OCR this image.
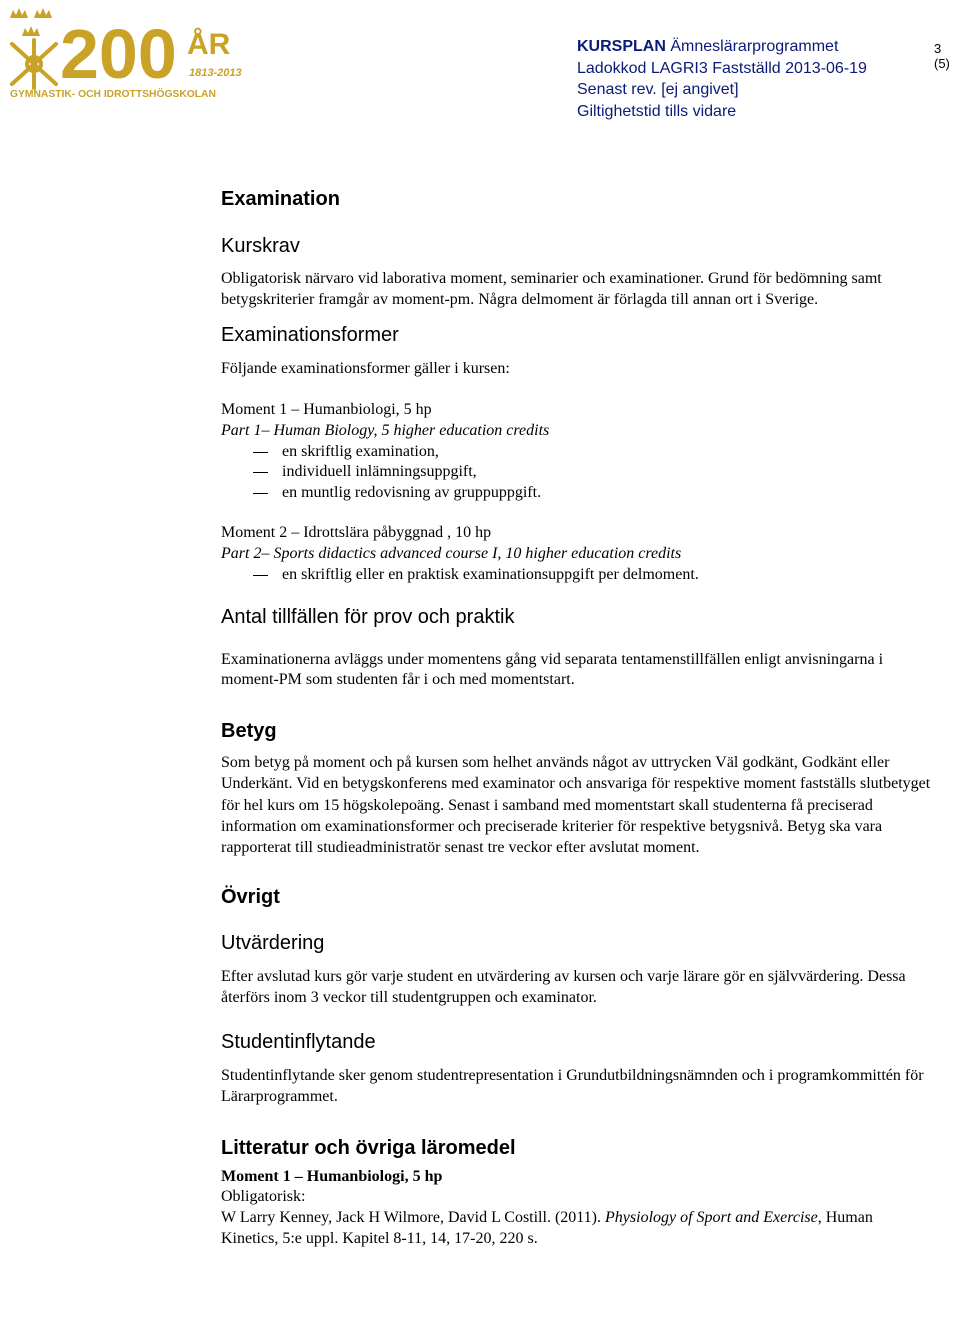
200 ÅR
1813-2013
GYMNASTIK- OCH IDROTTSHÖGSKOLAN
KURSPLAN Ämneslärarprogrammet
Ladokkod LAGRI3 Fastställd 2013-06-19
Senast rev. [ej angivet]
Giltighetstid tills vidare
3 (5)
Examination
Kurskrav

Obligatorisk närvaro vid laborativa moment, seminarier och examinationer. Grund för bedömning samt betygskriterier framgår av moment-pm. Några delmoment är förlagda till annan ort i Sverige.

Examinationsformer

Följande examinationsformer gäller i kursen:

Moment 1 – Humanbiologi, 5 hp

Part 1– Human Biology, 5 higher education credits

en skriftlig examination,
individuell inlämningsuppgift,
en muntlig redovisning av gruppuppgift.

Moment 2 – Idrottslära påbyggnad , 10 hp

Part 2– Sports didactics advanced course I, 10 higher education credits

en skriftlig eller en praktisk examinationsuppgift per delmoment.
Antal tillfällen för prov och praktik

Examinationerna avläggs under momentens gång vid separata tentamenstillfällen enligt anvisningarna i moment-PM som studenten får i och med momentstart.

Betyg

Som betyg på moment och på kursen som helhet används något av uttrycken Väl godkänt, Godkänt eller Underkänt. Vid en betygskonferens med examinator och ansvariga för respektive moment fastställs slutbetyget för hel kurs om 15 högskolepoäng. Senast i samband med momentstart skall studenterna få preciserad information om examinationsformer och preciserade kriterier för respektive betygsnivå. Betyg ska vara rapporterat till studieadministratör senast tre veckor efter avslutat moment.

Övrigt
Utvärdering

Efter avslutad kurs gör varje student en utvärdering av kursen och varje lärare gör en självvärdering. Dessa återförs inom 3 veckor till studentgruppen och examinator.

Studentinflytande

Studentinflytande sker genom studentrepresentation i Grundutbildningsnämnden och i programkommittén för Lärarprogrammet.

Litteratur och övriga läromedel

Moment 1 – Humanbiologi, 5 hp

Obligatorisk:

W Larry Kenney, Jack H Wilmore, David L Costill. (2011). Physiology of Sport and Exercise, Human Kinetics, 5:e uppl. Kapitel 8-11, 14, 17-20, 220 s.
